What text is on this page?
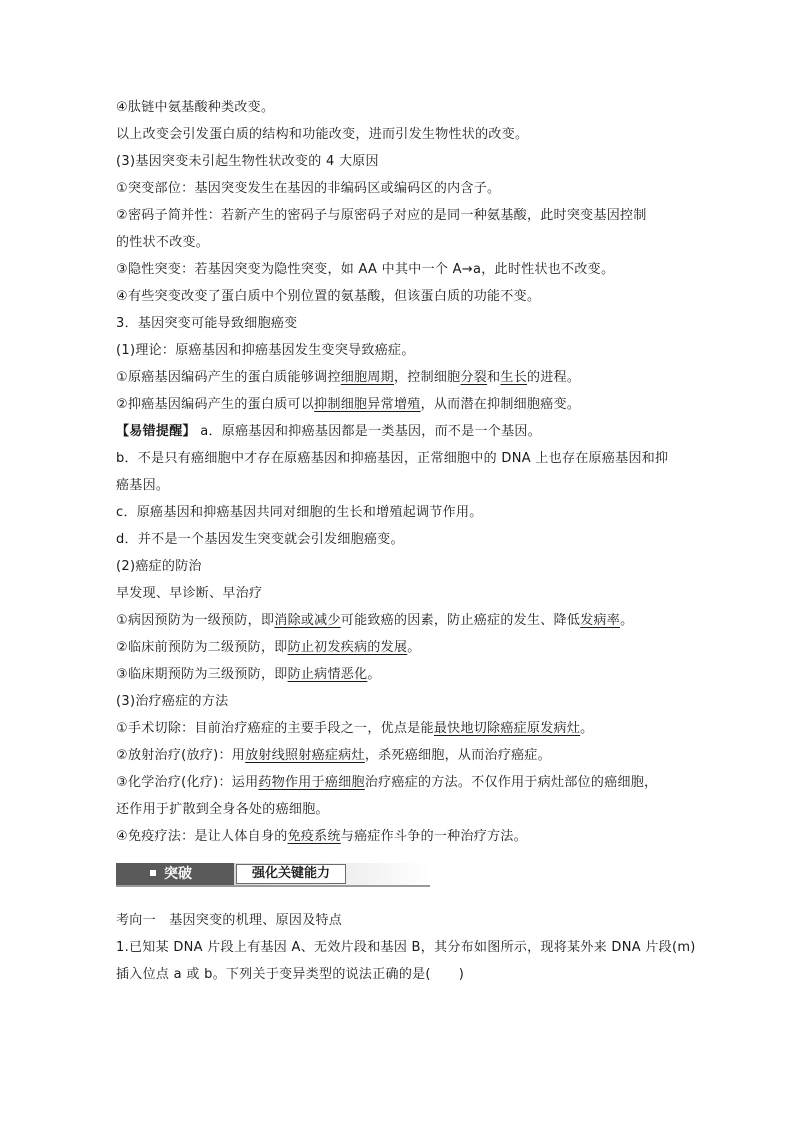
④肽链中氨基酸种类改变。
以上改变会引发蛋白质的结构和功能改变，进而引发生物性状的改变。
(3)基因突变未引起生物性状改变的 4 大原因
①突变部位：基因突变发生在基因的非编码区或编码区的内含子。
②密码子简并性：若新产生的密码子与原密码子对应的是同一种氨基酸，此时突变基因控制
的性状不改变。
③隐性突变：若基因突变为隐性突变，如 AA 中其中一个 A→a，此时性状也不改变。
④有些突变改变了蛋白质中个别位置的氨基酸，但该蛋白质的功能不变。
3．基因突变可能导致细胞癌变
(1)理论：原癌基因和抑癌基因发生变突导致癌症。
①原癌基因编码产生的蛋白质能够调控细胞周期，控制细胞分裂和生长的进程。
②抑癌基因编码产生的蛋白质可以抑制细胞异常增殖，从而潜在抑制细胞癌变。
【易错提醒】 a．原癌基因和抑癌基因都是一类基因，而不是一个基因。
b．不是只有癌细胞中才存在原癌基因和抑癌基因，正常细胞中的 DNA 上也存在原癌基因和抑
癌基因。
c．原癌基因和抑癌基因共同对细胞的生长和增殖起调节作用。
d．并不是一个基因发生突变就会引发细胞癌变。
(2)癌症的防治
早发现、早诊断、早治疗
①病因预防为一级预防，即消除或减少可能致癌的因素，防止癌症的发生、降低发病率。
②临床前预防为二级预防，即防止初发疾病的发展。
③临床期预防为三级预防，即防止病情恶化。
(3)治疗癌症的方法
①手术切除：目前治疗癌症的主要手段之一，优点是能最快地切除癌症原发病灶。
②放射治疗(放疗)：用放射线照射癌症病灶，杀死癌细胞，从而治疗癌症。
③化学治疗(化疗)：运用药物作用于癌细胞治疗癌症的方法。不仅作用于病灶部位的癌细胞，
还作用于扩散到全身各处的癌细胞。
④免疫疗法：是让人体自身的免疫系统与癌症作斗争的一种治疗方法。
突破	强化关键能力
考向一　基因突变的机理、原因及特点
1.已知某 DNA 片段上有基因 A、无效片段和基因 B，其分布如图所示，现将某外来 DNA 片段(m)
插入位点 a 或 b。下列关于变异类型的说法正确的是( )
